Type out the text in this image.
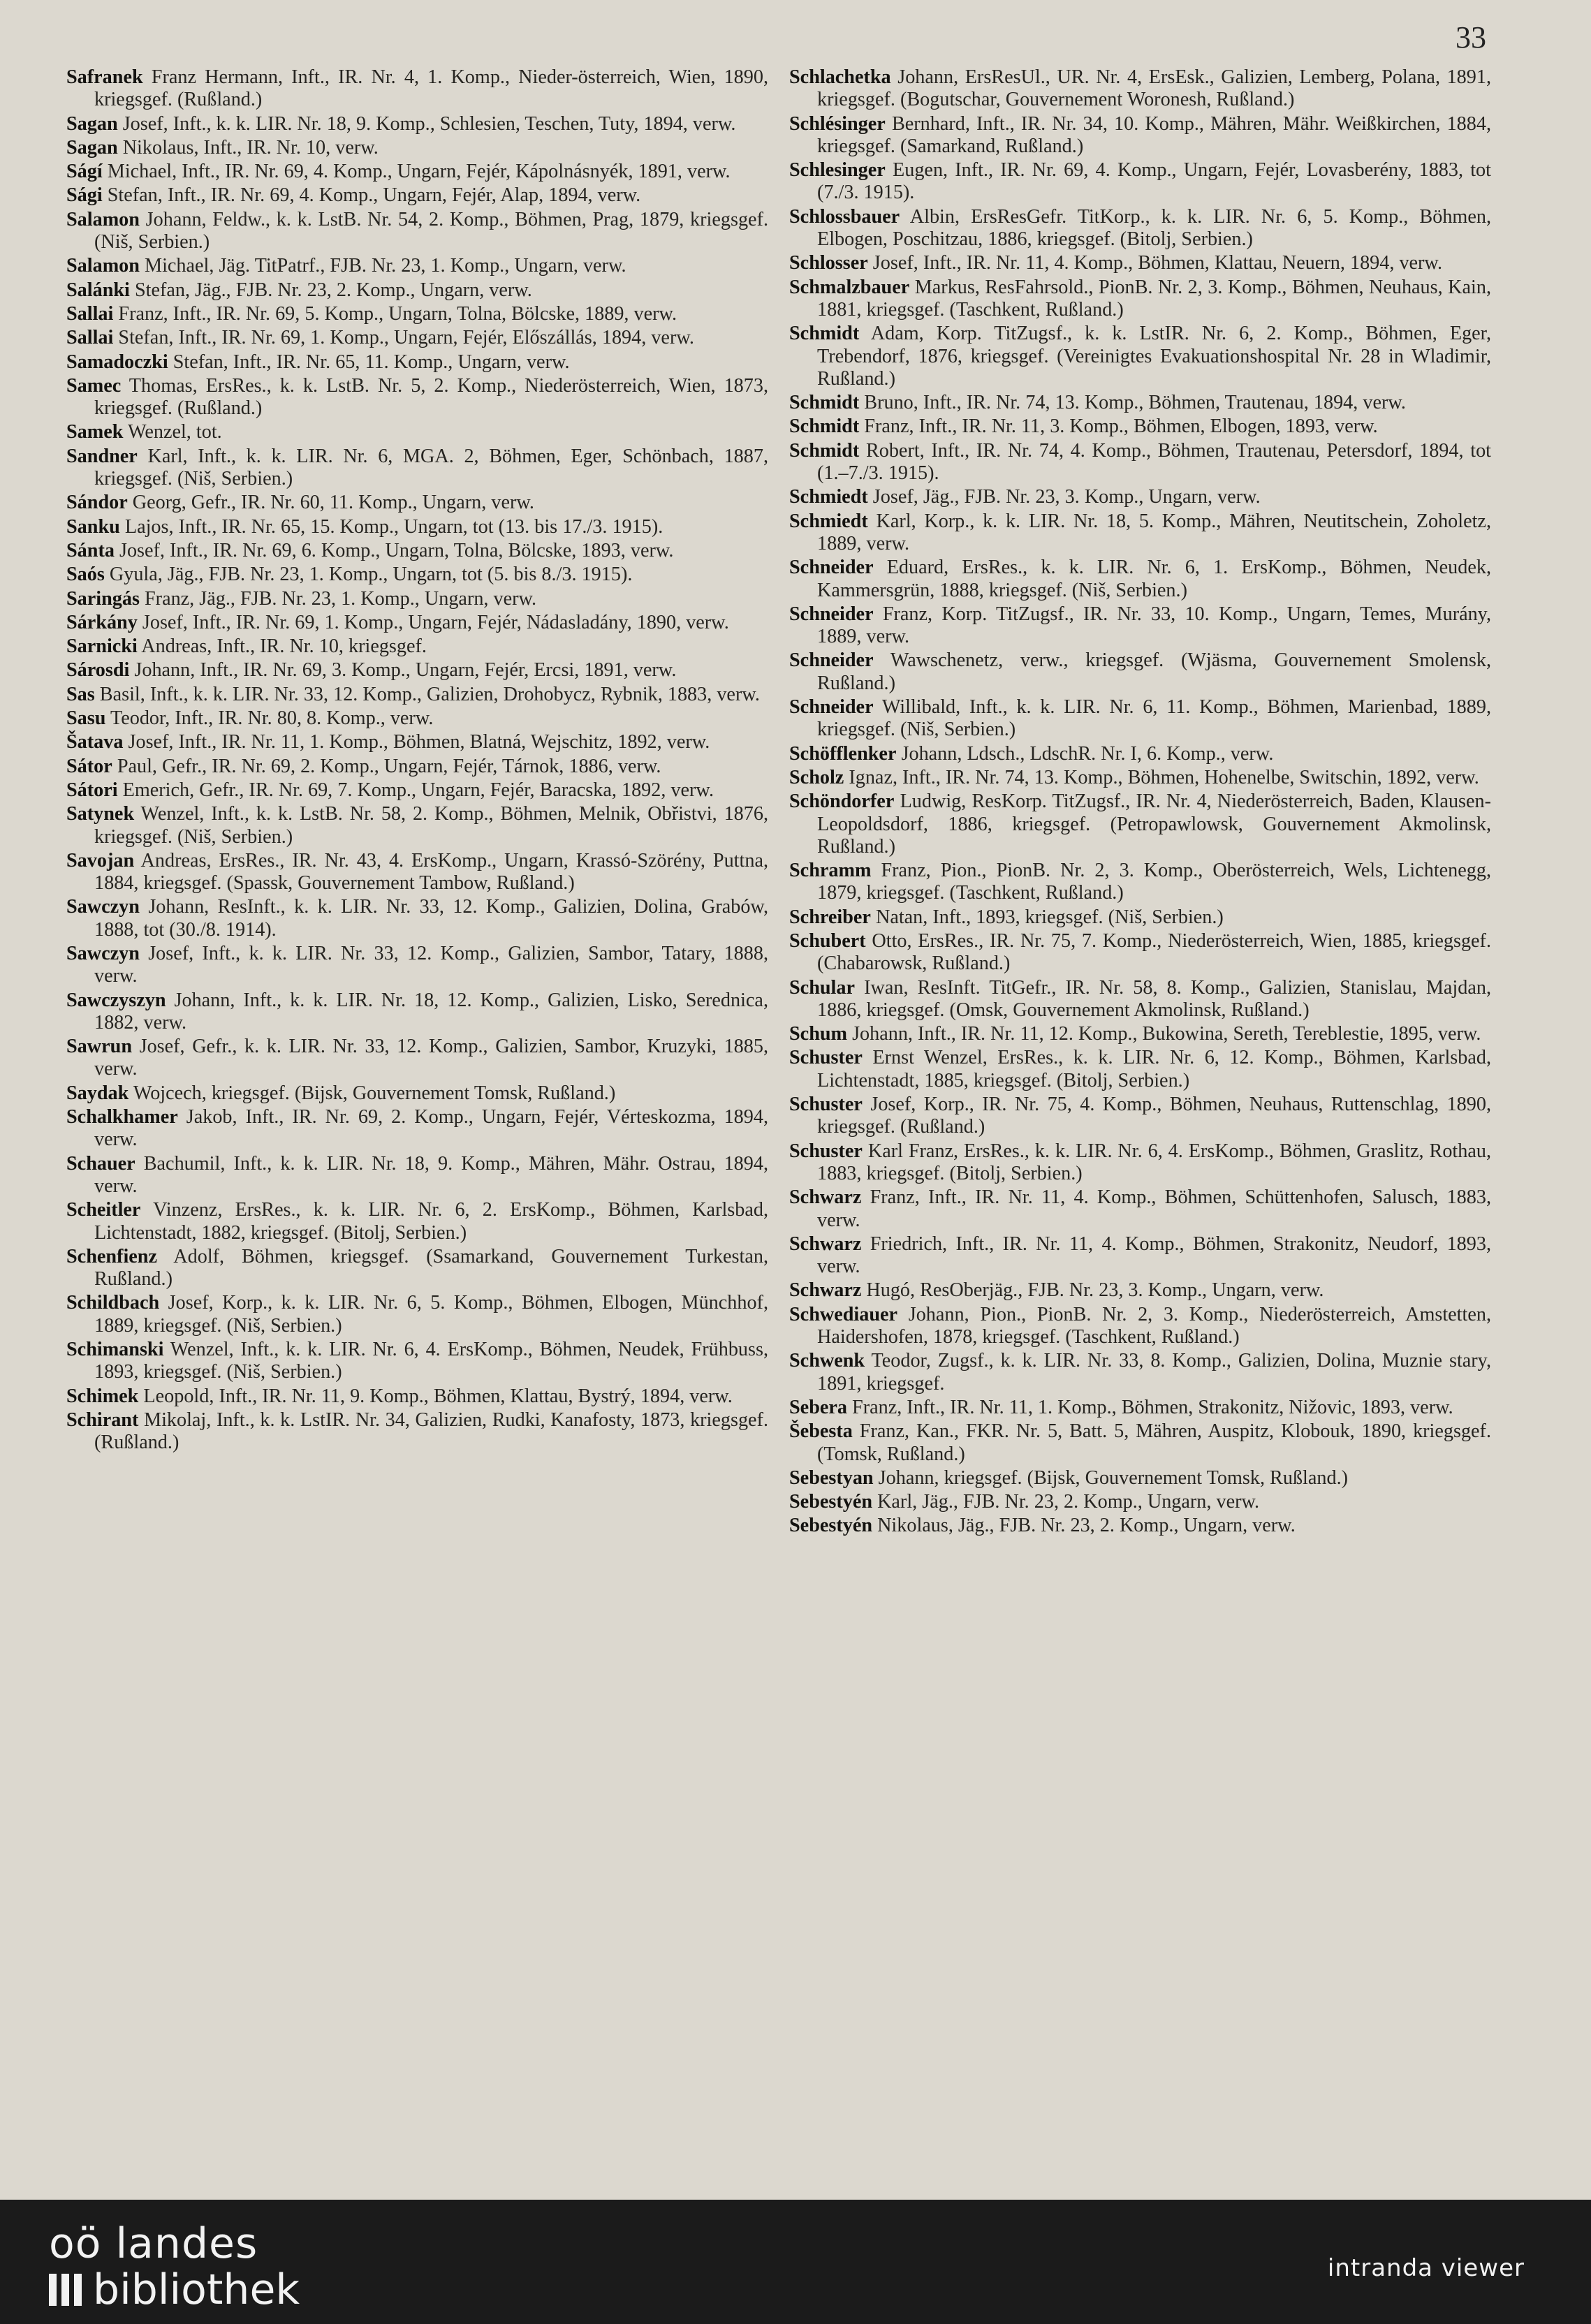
33
Safranek Franz Hermann, Inft., IR. Nr. 4, 1. Komp., Nieder-österreich, Wien, 1890, kriegsgef. (Rußland.)
Sagan Josef, Inft., k. k. LIR. Nr. 18, 9. Komp., Schlesien, Teschen, Tuty, 1894, verw.
Sagan Nikolaus, Inft., IR. Nr. 10, verw.
Ságí Michael, Inft., IR. Nr. 69, 4. Komp., Ungarn, Fejér, Kápolnásnyék, 1891, verw.
Sági Stefan, Inft., IR. Nr. 69, 4. Komp., Ungarn, Fejér, Alap, 1894, verw.
Salamon Johann, Feldw., k. k. LstB. Nr. 54, 2. Komp., Böhmen, Prag, 1879, kriegsgef. (Niš, Serbien.)
Salamon Michael, Jäg. TitPatrf., FJB. Nr. 23, 1. Komp., Ungarn, verw.
Salánki Stefan, Jäg., FJB. Nr. 23, 2. Komp., Ungarn, verw.
Sallai Franz, Inft., IR. Nr. 69, 5. Komp., Ungarn, Tolna, Bölcske, 1889, verw.
Sallai Stefan, Inft., IR. Nr. 69, 1. Komp., Ungarn, Fejér, Előszállás, 1894, verw.
Samadoczki Stefan, Inft., IR. Nr. 65, 11. Komp., Ungarn, verw.
Samec Thomas, ErsRes., k. k. LstB. Nr. 5, 2. Komp., Niederösterreich, Wien, 1873, kriegsgef. (Rußland.)
Samek Wenzel, tot.
Sandner Karl, Inft., k. k. LIR. Nr. 6, MGA. 2, Böhmen, Eger, Schönbach, 1887, kriegsgef. (Niš, Serbien.)
Sándor Georg, Gefr., IR. Nr. 60, 11. Komp., Ungarn, verw.
Sanku Lajos, Inft., IR. Nr. 65, 15. Komp., Ungarn, tot (13. bis 17./3. 1915).
Sánta Josef, Inft., IR. Nr. 69, 6. Komp., Ungarn, Tolna, Bölcske, 1893, verw.
Saós Gyula, Jäg., FJB. Nr. 23, 1. Komp., Ungarn, tot (5. bis 8./3. 1915).
Saringás Franz, Jäg., FJB. Nr. 23, 1. Komp., Ungarn, verw.
Sárkány Josef, Inft., IR. Nr. 69, 1. Komp., Ungarn, Fejér, Nádasladány, 1890, verw.
Sarnicki Andreas, Inft., IR. Nr. 10, kriegsgef.
Sárosdi Johann, Inft., IR. Nr. 69, 3. Komp., Ungarn, Fejér, Ercsi, 1891, verw.
Sas Basil, Inft., k. k. LIR. Nr. 33, 12. Komp., Galizien, Drohobycz, Rybnik, 1883, verw.
Sasu Teodor, Inft., IR. Nr. 80, 8. Komp., verw.
Šatava Josef, Inft., IR. Nr. 11, 1. Komp., Böhmen, Blatná, Wejschitz, 1892, verw.
Sátor Paul, Gefr., IR. Nr. 69, 2. Komp., Ungarn, Fejér, Tárnok, 1886, verw.
Sátori Emerich, Gefr., IR. Nr. 69, 7. Komp., Ungarn, Fejér, Baracska, 1892, verw.
Satynek Wenzel, Inft., k. k. LstB. Nr. 58, 2. Komp., Böhmen, Melnik, Obřistvi, 1876, kriegsgef. (Niš, Serbien.)
Savojan Andreas, ErsRes., IR. Nr. 43, 4. ErsKomp., Ungarn, Krassó-Szörény, Puttna, 1884, kriegsgef. (Spassk, Gouvernement Tambow, Rußland.)
Sawczyn Johann, ResInft., k. k. LIR. Nr. 33, 12. Komp., Galizien, Dolina, Grabów, 1888, tot (30./8. 1914).
Sawczyn Josef, Inft., k. k. LIR. Nr. 33, 12. Komp., Galizien, Sambor, Tatary, 1888, verw.
Sawczyszyn Johann, Inft., k. k. LIR. Nr. 18, 12. Komp., Galizien, Lisko, Serednica, 1882, verw.
Sawrun Josef, Gefr., k. k. LIR. Nr. 33, 12. Komp., Galizien, Sambor, Kruzyki, 1885, verw.
Saydak Wojcech, kriegsgef. (Bijsk, Gouvernement Tomsk, Rußland.)
Schalkhamer Jakob, Inft., IR. Nr. 69, 2. Komp., Ungarn, Fejér, Vérteskozma, 1894, verw.
Schauer Bachumil, Inft., k. k. LIR. Nr. 18, 9. Komp., Mähren, Mähr. Ostrau, 1894, verw.
Scheitler Vinzenz, ErsRes., k. k. LIR. Nr. 6, 2. ErsKomp., Böhmen, Karlsbad, Lichtenstadt, 1882, kriegsgef. (Bitolj, Serbien.)
Schenfienz Adolf, Böhmen, kriegsgef. (Ssamarkand, Gouvernement Turkestan, Rußland.)
Schildbach Josef, Korp., k. k. LIR. Nr. 6, 5. Komp., Böhmen, Elbogen, Münchhof, 1889, kriegsgef. (Niš, Serbien.)
Schimanski Wenzel, Inft., k. k. LIR. Nr. 6, 4. ErsKomp., Böhmen, Neudek, Frühbuss, 1893, kriegsgef. (Niš, Serbien.)
Schimek Leopold, Inft., IR. Nr. 11, 9. Komp., Böhmen, Klattau, Bystrý, 1894, verw.
Schirant Mikolaj, Inft., k. k. LstIR. Nr. 34, Galizien, Rudki, Kanafosty, 1873, kriegsgef. (Rußland.)
Schlachetka Johann, ErsResUl., UR. Nr. 4, ErsEsk., Galizien, Lemberg, Polana, 1891, kriegsgef. (Bogutschar, Gouvernement Woronesh, Rußland.)
Schlésinger Bernhard, Inft., IR. Nr. 34, 10. Komp., Mähren, Mähr. Weißkirchen, 1884, kriegsgef. (Samarkand, Rußland.)
Schlesinger Eugen, Inft., IR. Nr. 69, 4. Komp., Ungarn, Fejér, Lovasberény, 1883, tot (7./3. 1915).
Schlossbauer Albin, ErsResGefr. TitKorp., k. k. LIR. Nr. 6, 5. Komp., Böhmen, Elbogen, Poschitzau, 1886, kriegsgef. (Bitolj, Serbien.)
Schlosser Josef, Inft., IR. Nr. 11, 4. Komp., Böhmen, Klattau, Neuern, 1894, verw.
Schmalzbauer Markus, ResFahrsold., PionB. Nr. 2, 3. Komp., Böhmen, Neuhaus, Kain, 1881, kriegsgef. (Taschkent, Rußland.)
Schmidt Adam, Korp. TitZugsf., k. k. LstIR. Nr. 6, 2. Komp., Böhmen, Eger, Trebendorf, 1876, kriegsgef. (Vereinigtes Evakuationshospital Nr. 28 in Wladimir, Rußland.)
Schmidt Bruno, Inft., IR. Nr. 74, 13. Komp., Böhmen, Trautenau, 1894, verw.
Schmidt Franz, Inft., IR. Nr. 11, 3. Komp., Böhmen, Elbogen, 1893, verw.
Schmidt Robert, Inft., IR. Nr. 74, 4. Komp., Böhmen, Trautenau, Petersdorf, 1894, tot (1.–7./3. 1915).
Schmiedt Josef, Jäg., FJB. Nr. 23, 3. Komp., Ungarn, verw.
Schmiedt Karl, Korp., k. k. LIR. Nr. 18, 5. Komp., Mähren, Neutitschein, Zoholetz, 1889, verw.
Schneider Eduard, ErsRes., k. k. LIR. Nr. 6, 1. ErsKomp., Böhmen, Neudek, Kammersgrün, 1888, kriegsgef. (Niš, Serbien.)
Schneider Franz, Korp. TitZugsf., IR. Nr. 33, 10. Komp., Ungarn, Temes, Murány, 1889, verw.
Schneider Wawschenetz, verw., kriegsgef. (Wjäsma, Gouvernement Smolensk, Rußland.)
Schneider Willibald, Inft., k. k. LIR. Nr. 6, 11. Komp., Böhmen, Marienbad, 1889, kriegsgef. (Niš, Serbien.)
Schöfflenker Johann, Ldsch., LdschR. Nr. I, 6. Komp., verw.
Scholz Ignaz, Inft., IR. Nr. 74, 13. Komp., Böhmen, Hohenelbe, Switschin, 1892, verw.
Schöndorfer Ludwig, ResKorp. TitZugsf., IR. Nr. 4, Niederösterreich, Baden, Klausen-Leopoldsdorf, 1886, kriegsgef. (Petropawlowsk, Gouvernement Akmolinsk, Rußland.)
Schramm Franz, Pion., PionB. Nr. 2, 3. Komp., Oberösterreich, Wels, Lichtenegg, 1879, kriegsgef. (Taschkent, Rußland.)
Schreiber Natan, Inft., 1893, kriegsgef. (Niš, Serbien.)
Schubert Otto, ErsRes., IR. Nr. 75, 7. Komp., Niederösterreich, Wien, 1885, kriegsgef. (Chabarowsk, Rußland.)
Schular Iwan, ResInft. TitGefr., IR. Nr. 58, 8. Komp., Galizien, Stanislau, Majdan, 1886, kriegsgef. (Omsk, Gouvernement Akmolinsk, Rußland.)
Schum Johann, Inft., IR. Nr. 11, 12. Komp., Bukowina, Sereth, Tereblestie, 1895, verw.
Schuster Ernst Wenzel, ErsRes., k. k. LIR. Nr. 6, 12. Komp., Böhmen, Karlsbad, Lichtenstadt, 1885, kriegsgef. (Bitolj, Serbien.)
Schuster Josef, Korp., IR. Nr. 75, 4. Komp., Böhmen, Neuhaus, Ruttenschlag, 1890, kriegsgef. (Rußland.)
Schuster Karl Franz, ErsRes., k. k. LIR. Nr. 6, 4. ErsKomp., Böhmen, Graslitz, Rothau, 1883, kriegsgef. (Bitolj, Serbien.)
Schwarz Franz, Inft., IR. Nr. 11, 4. Komp., Böhmen, Schüttenhofen, Salusch, 1883, verw.
Schwarz Friedrich, Inft., IR. Nr. 11, 4. Komp., Böhmen, Strakonitz, Neudorf, 1893, verw.
Schwarz Hugó, ResOberjäg., FJB. Nr. 23, 3. Komp., Ungarn, verw.
Schwediauer Johann, Pion., PionB. Nr. 2, 3. Komp., Niederösterreich, Amstetten, Haidershofen, 1878, kriegsgef. (Taschkent, Rußland.)
Schwenk Teodor, Zugsf., k. k. LIR. Nr. 33, 8. Komp., Galizien, Dolina, Muznie stary, 1891, kriegsgef.
Sebera Franz, Inft., IR. Nr. 11, 1. Komp., Böhmen, Strakonitz, Nižovic, 1893, verw.
Šebesta Franz, Kan., FKR. Nr. 5, Batt. 5, Mähren, Auspitz, Klobouk, 1890, kriegsgef. (Tomsk, Rußland.)
Sebestyan Johann, kriegsgef. (Bijsk, Gouvernement Tomsk, Rußland.)
Sebestyén Karl, Jäg., FJB. Nr. 23, 2. Komp., Ungarn, verw.
Sebestyén Nikolaus, Jäg., FJB. Nr. 23, 2. Komp., Ungarn, verw.
oö landes
bibliothek	intranda viewer
